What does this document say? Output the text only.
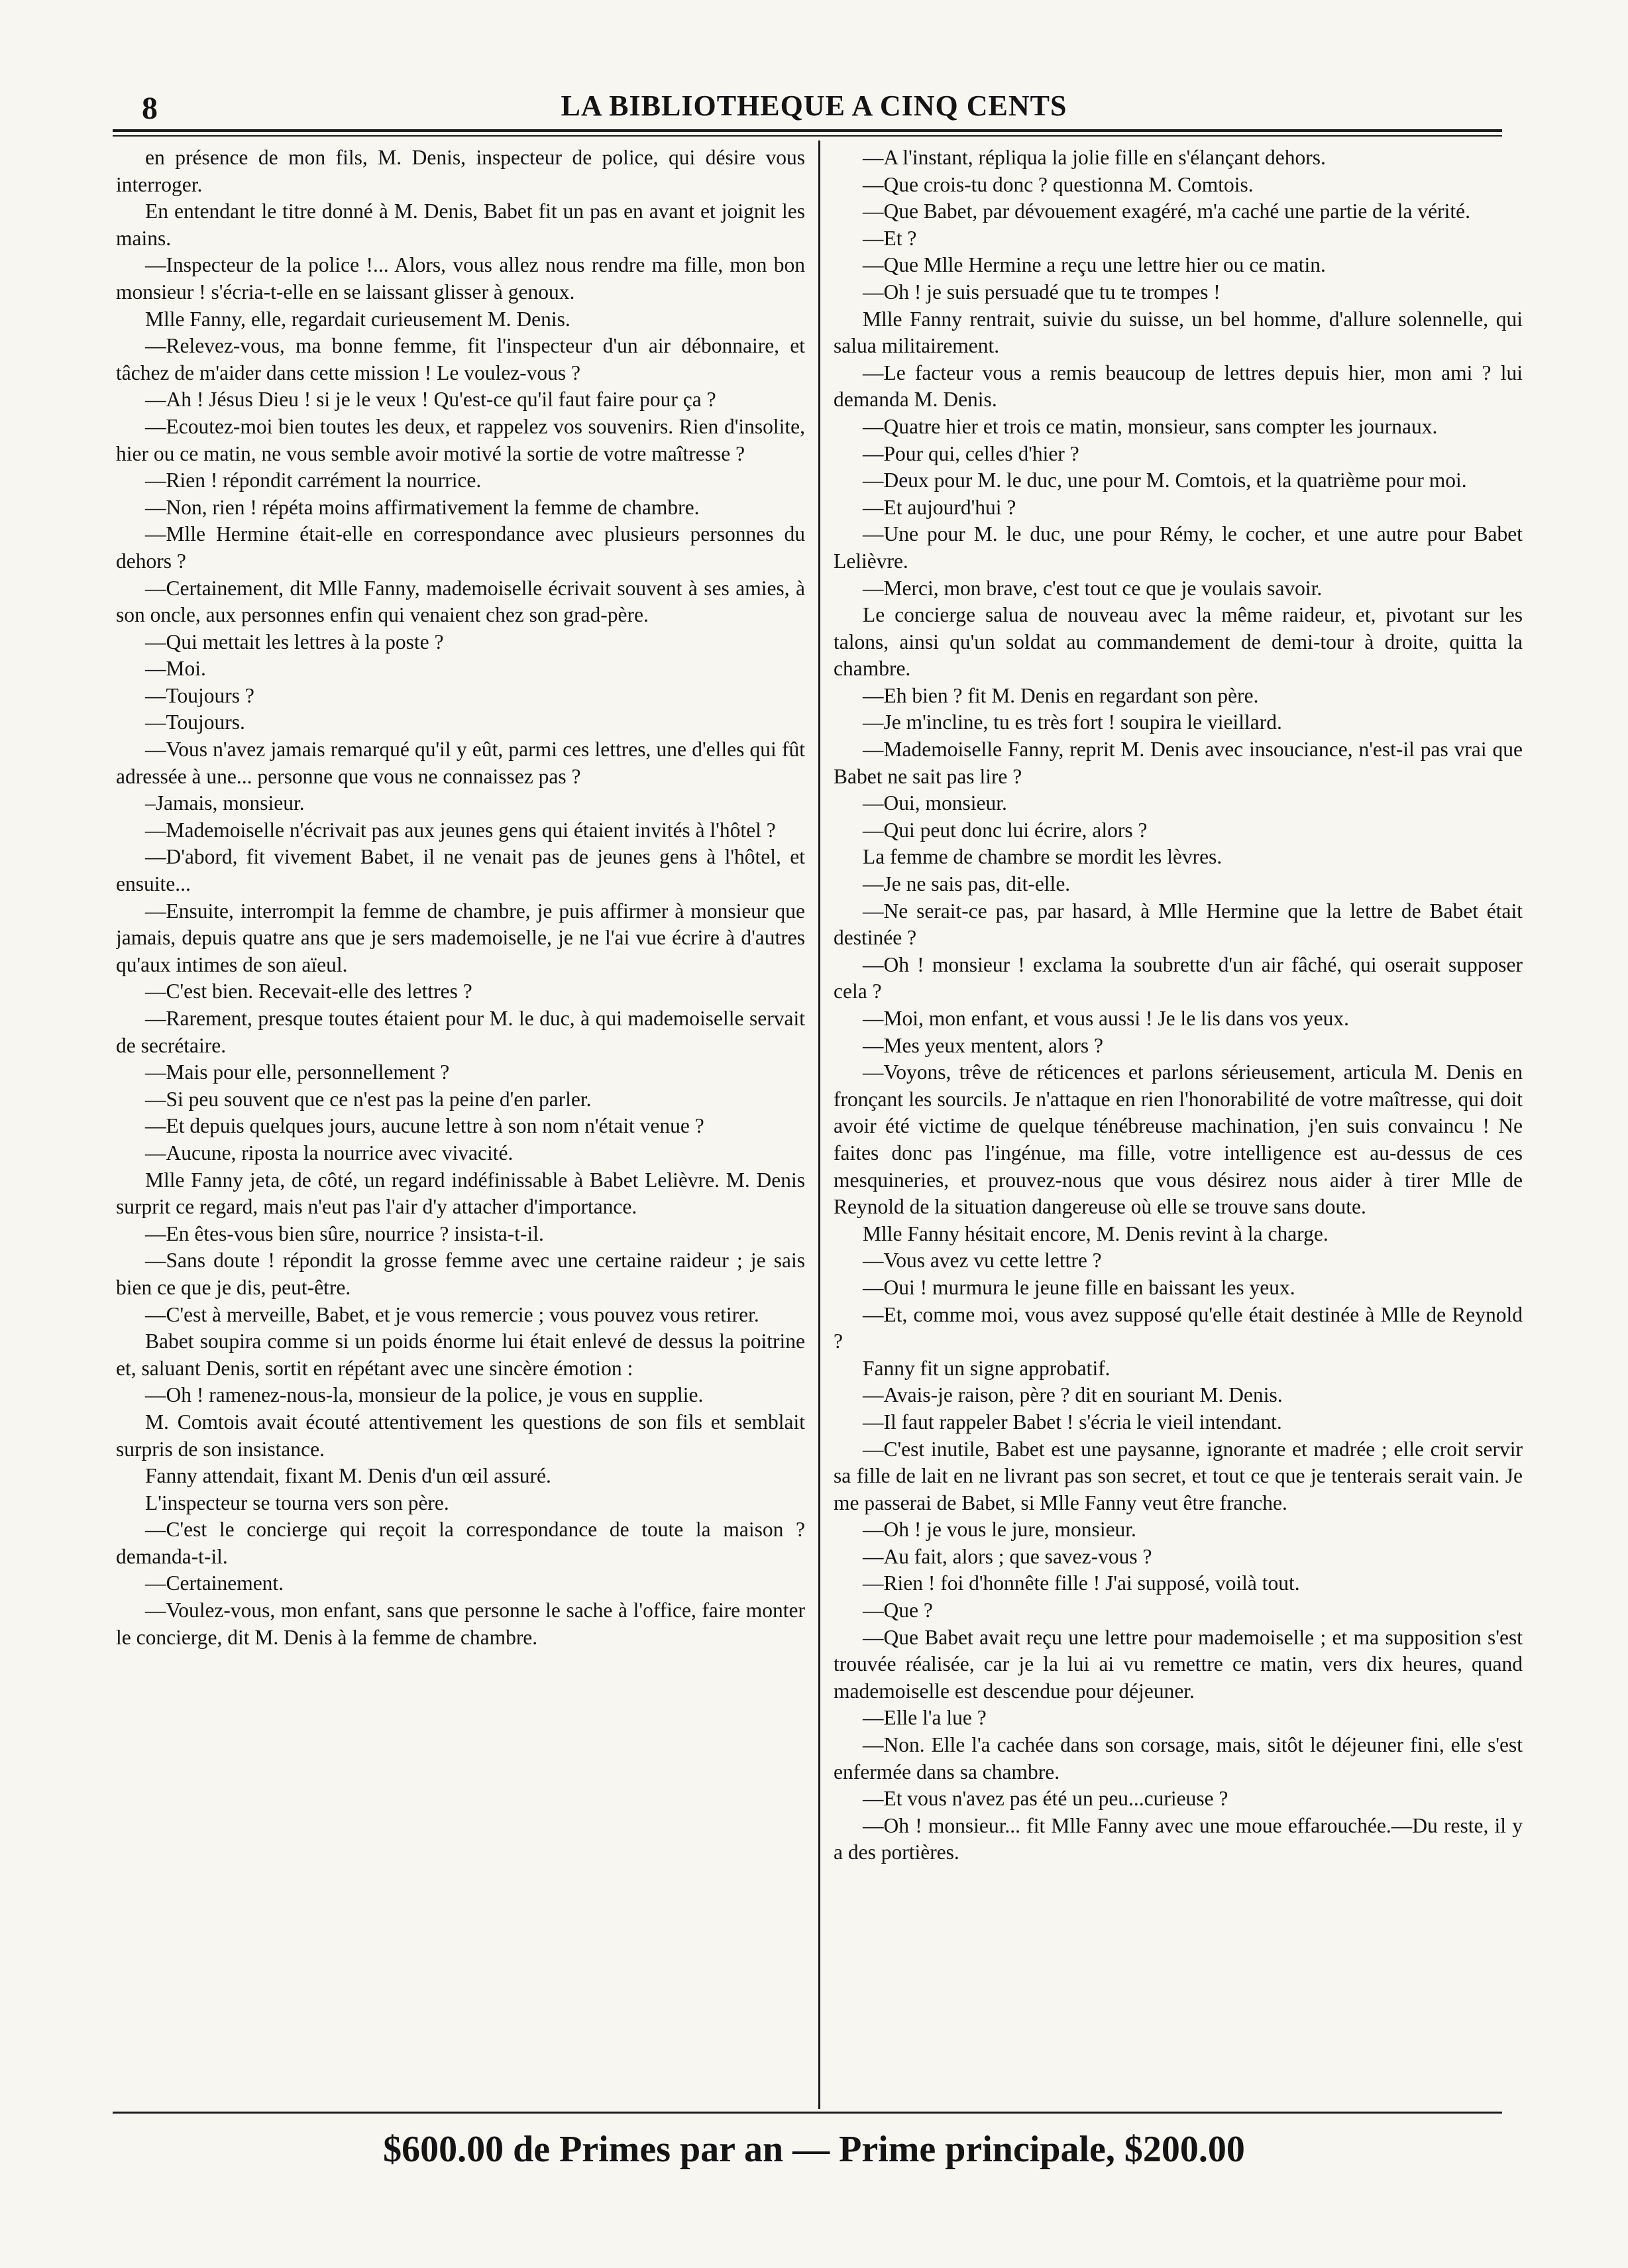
8	LA BIBLIOTHEQUE A CINQ CENTS

en présence de mon fils, M. Denis, inspecteur de police, qui désire vous interroger.

En entendant le titre donné à M. Denis, Babet fit un pas en avant et joignit les mains.

—Inspecteur de la police !... Alors, vous allez nous rendre ma fille, mon bon monsieur ! s'écria-t-elle en se laissant glisser à genoux.

Mlle Fanny, elle, regardait curieusement M. Denis.

—Relevez-vous, ma bonne femme, fit l'inspecteur d'un air débonnaire, et tâchez de m'aider dans cette mission ! Le voulez-vous ?

—Ah ! Jésus Dieu ! si je le veux ! Qu'est-ce qu'il faut faire pour ça ?

—Ecoutez-moi bien toutes les deux, et rappelez vos souvenirs. Rien d'insolite, hier ou ce matin, ne vous semble avoir motivé la sortie de votre maîtresse ?

—Rien ! répondit carrément la nourrice.

—Non, rien ! répéta moins affirmativement la femme de chambre.

—Mlle Hermine était-elle en correspondance avec plusieurs personnes du dehors ?

—Certainement, dit Mlle Fanny, mademoiselle écrivait souvent à ses amies, à son oncle, aux personnes enfin qui venaient chez son grad-père.

—Qui mettait les lettres à la poste ?

—Moi.

—Toujours ?

—Toujours.

—Vous n'avez jamais remarqué qu'il y eût, parmi ces lettres, une d'elles qui fût adressée à une... personne que vous ne connaissez pas ?

–Jamais, monsieur.

—Mademoiselle n'écrivait pas aux jeunes gens qui étaient invités à l'hôtel ?

—D'abord, fit vivement Babet, il ne venait pas de jeunes gens à l'hôtel, et ensuite...

—Ensuite, interrompit la femme de chambre, je puis affirmer à monsieur que jamais, depuis quatre ans que je sers mademoiselle, je ne l'ai vue écrire à d'autres qu'aux intimes de son aïeul.

—C'est bien. Recevait-elle des lettres ?

—Rarement, presque toutes étaient pour M. le duc, à qui mademoiselle servait de secrétaire.

—Mais pour elle, personnellement ?

—Si peu souvent que ce n'est pas la peine d'en parler.

—Et depuis quelques jours, aucune lettre à son nom n'était venue ?

—Aucune, riposta la nourrice avec vivacité.

Mlle Fanny jeta, de côté, un regard indéfinissable à Babet Lelièvre. M. Denis surprit ce regard, mais n'eut pas l'air d'y attacher d'importance.

—En êtes-vous bien sûre, nourrice ? insista-t-il.

—Sans doute ! répondit la grosse femme avec une certaine raideur ; je sais bien ce que je dis, peut-être.

—C'est à merveille, Babet, et je vous remercie ; vous pouvez vous retirer.

Babet soupira comme si un poids énorme lui était enlevé de dessus la poitrine et, saluant Denis, sortit en répétant avec une sincère émotion :

—Oh ! ramenez-nous-la, monsieur de la police, je vous en supplie.

M. Comtois avait écouté attentivement les questions de son fils et semblait surpris de son insistance.

Fanny attendait, fixant M. Denis d'un œil assuré.

L'inspecteur se tourna vers son père.

—C'est le concierge qui reçoit la correspondance de toute la maison ? demanda-t-il.

—Certainement.

—Voulez-vous, mon enfant, sans que personne le sache à l'office, faire monter le concierge, dit M. Denis à la femme de chambre.

—A l'instant, répliqua la jolie fille en s'élançant dehors.

—Que crois-tu donc ? questionna M. Comtois.

—Que Babet, par dévouement exagéré, m'a caché une partie de la vérité.

—Et ?

—Que Mlle Hermine a reçu une lettre hier ou ce matin.

—Oh ! je suis persuadé que tu te trompes !

Mlle Fanny rentrait, suivie du suisse, un bel homme, d'allure solennelle, qui salua militairement.

—Le facteur vous a remis beaucoup de lettres depuis hier, mon ami ? lui demanda M. Denis.

—Quatre hier et trois ce matin, monsieur, sans compter les journaux.

—Pour qui, celles d'hier ?

—Deux pour M. le duc, une pour M. Comtois, et la quatrième pour moi.

—Et aujourd'hui ?

—Une pour M. le duc, une pour Rémy, le cocher, et une autre pour Babet Lelièvre.

—Merci, mon brave, c'est tout ce que je voulais savoir.

Le concierge salua de nouveau avec la même raideur, et, pivotant sur les talons, ainsi qu'un soldat au commandement de demi-tour à droite, quitta la chambre.

—Eh bien ? fit M. Denis en regardant son père.

—Je m'incline, tu es très fort ! soupira le vieillard.

—Mademoiselle Fanny, reprit M. Denis avec insouciance, n'est-il pas vrai que Babet ne sait pas lire ?

—Oui, monsieur.

—Qui peut donc lui écrire, alors ?

La femme de chambre se mordit les lèvres.

—Je ne sais pas, dit-elle.

—Ne serait-ce pas, par hasard, à Mlle Hermine que la lettre de Babet était destinée ?

—Oh ! monsieur ! exclama la soubrette d'un air fâché, qui oserait supposer cela ?

—Moi, mon enfant, et vous aussi ! Je le lis dans vos yeux.

—Mes yeux mentent, alors ?

—Voyons, trêve de réticences et parlons sérieusement, articula M. Denis en fronçant les sourcils. Je n'attaque en rien l'honorabilité de votre maîtresse, qui doit avoir été victime de quelque ténébreuse machination, j'en suis convaincu ! Ne faites donc pas l'ingénue, ma fille, votre intelligence est au-dessus de ces mesquineries, et prouvez-nous que vous désirez nous aider à tirer Mlle de Reynold de la situation dangereuse où elle se trouve sans doute.

Mlle Fanny hésitait encore, M. Denis revint à la charge.

—Vous avez vu cette lettre ?

—Oui ! murmura le jeune fille en baissant les yeux.

—Et, comme moi, vous avez supposé qu'elle était destinée à Mlle de Reynold ?

Fanny fit un signe approbatif.

—Avais-je raison, père ? dit en souriant M. Denis.

—Il faut rappeler Babet ! s'écria le vieil intendant.

—C'est inutile, Babet est une paysanne, ignorante et madrée ; elle croit servir sa fille de lait en ne livrant pas son secret, et tout ce que je tenterais serait vain. Je me passerai de Babet, si Mlle Fanny veut être franche.

—Oh ! je vous le jure, monsieur.

—Au fait, alors ; que savez-vous ?

—Rien ! foi d'honnête fille ! J'ai supposé, voilà tout.

—Que ?

—Que Babet avait reçu une lettre pour mademoiselle ; et ma supposition s'est trouvée réalisée, car je la lui ai vu remettre ce matin, vers dix heures, quand mademoiselle est descendue pour déjeuner.

—Elle l'a lue ?

—Non. Elle l'a cachée dans son corsage, mais, sitôt le déjeuner fini, elle s'est enfermée dans sa chambre.

—Et vous n'avez pas été un peu...curieuse ?

—Oh ! monsieur... fit Mlle Fanny avec une moue effarouchée.—Du reste, il y a des portières.

$600.00 de Primes par an — Prime principale, $200.00
